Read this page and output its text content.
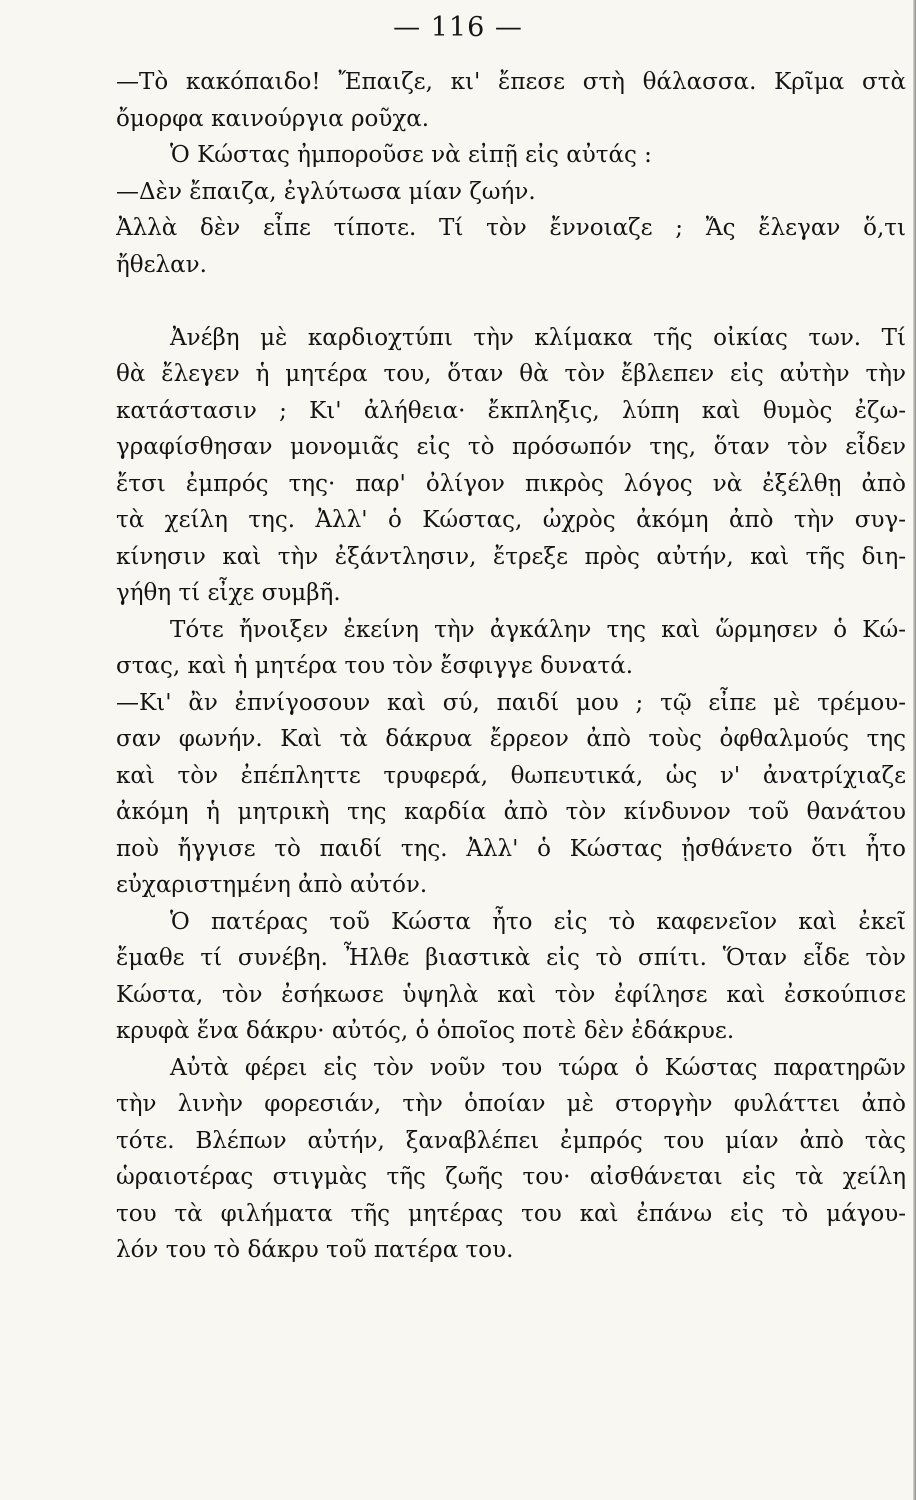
— 116 —
—Τὸ κακόπαιδο! Ἔπαιζε, κι' ἔπεσε στὴ θάλασσα. Κρῖμα στὰ
ὄμορφα καινούργια ροῦχα.
Ὁ Κώστας ἠμποροῦσε νὰ εἰπῇ εἰς αὐτάς :
—Δὲν ἔπαιζα, ἐγλύτωσα μίαν ζωήν.
Ἀλλὰ δὲν εἶπε τίποτε. Τί τὸν ἔννοιαζε ; Ἄς ἔλεγαν ὅ,τι
ἤθελαν.
Ἀνέβη μὲ καρδιοχτύπι τὴν κλίμακα τῆς οἰκίας των. Τί
θὰ ἔλεγεν ἡ μητέρα του, ὅταν θὰ τὸν ἔβλεπεν εἰς αὐτὴν τὴν
κατάστασιν ; Κι' ἀλήθεια· ἔκπληξις, λύπη καὶ θυμὸς ἐζω-
γραφίσθησαν μονομιᾶς εἰς τὸ πρόσωπόν της, ὅταν τὸν εἶδεν
ἔτσι ἐμπρός της· παρ' ὀλίγον πικρὸς λόγος νὰ ἐξέλθῃ ἀπὸ
τὰ χείλη της. Ἀλλ' ὁ Κώστας, ὠχρὸς ἀκόμη ἀπὸ τὴν συγ-
κίνησιν καὶ τὴν ἐξάντλησιν, ἔτρεξε πρὸς αὐτήν, καὶ τῆς διη-
γήθη τί εἶχε συμβῆ.
Τότε ἤνοιξεν ἐκείνη τὴν ἀγκάλην της καὶ ὥρμησεν ὁ Κώ-
στας, καὶ ἡ μητέρα του τὸν ἔσφιγγε δυνατά.
—Κι' ἂν ἐπνίγοσουν καὶ σύ, παιδί μου ; τῷ εἶπε μὲ τρέμου-
σαν φωνήν. Καὶ τὰ δάκρυα ἔρρεον ἀπὸ τοὺς ὀφθαλμούς της
καὶ τὸν ἐπέπληττε τρυφερά, θωπευτικά, ὡς ν' ἀνατρίχιαζε
ἀκόμη ἡ μητρικὴ της καρδία ἀπὸ τὸν κίνδυνον τοῦ θανάτου
ποὺ ἤγγισε τὸ παιδί της. Ἀλλ' ὁ Κώστας ᾐσθάνετο ὅτι ἦτο
εὐχαριστημένη ἀπὸ αὐτόν.
Ὁ πατέρας τοῦ Κώστα ἦτο εἰς τὸ καφενεῖον καὶ ἐκεῖ
ἔμαθε τί συνέβη. Ἦλθε βιαστικὰ εἰς τὸ σπίτι. Ὅταν εἶδε τὸν
Κώστα, τὸν ἐσήκωσε ὑψηλὰ καὶ τὸν ἐφίλησε καὶ ἐσκούπισε
κρυφὰ ἕνα δάκρυ· αὐτός, ὁ ὁποῖος ποτὲ δὲν ἐδάκρυε.
Αὐτὰ φέρει εἰς τὸν νοῦν του τώρα ὁ Κώστας παρατηρῶν
τὴν λινὴν φορεσιάν, τὴν ὁποίαν μὲ στοργὴν φυλάττει ἀπὸ
τότε. Βλέπων αὐτήν, ξαναβλέπει ἐμπρός του μίαν ἀπὸ τὰς
ὡραιοτέρας στιγμὰς τῆς ζωῆς του· αἰσθάνεται εἰς τὰ χείλη
του τὰ φιλήματα τῆς μητέρας του καὶ ἐπάνω εἰς τὸ μάγου-
λόν του τὸ δάκρυ τοῦ πατέρα του.
